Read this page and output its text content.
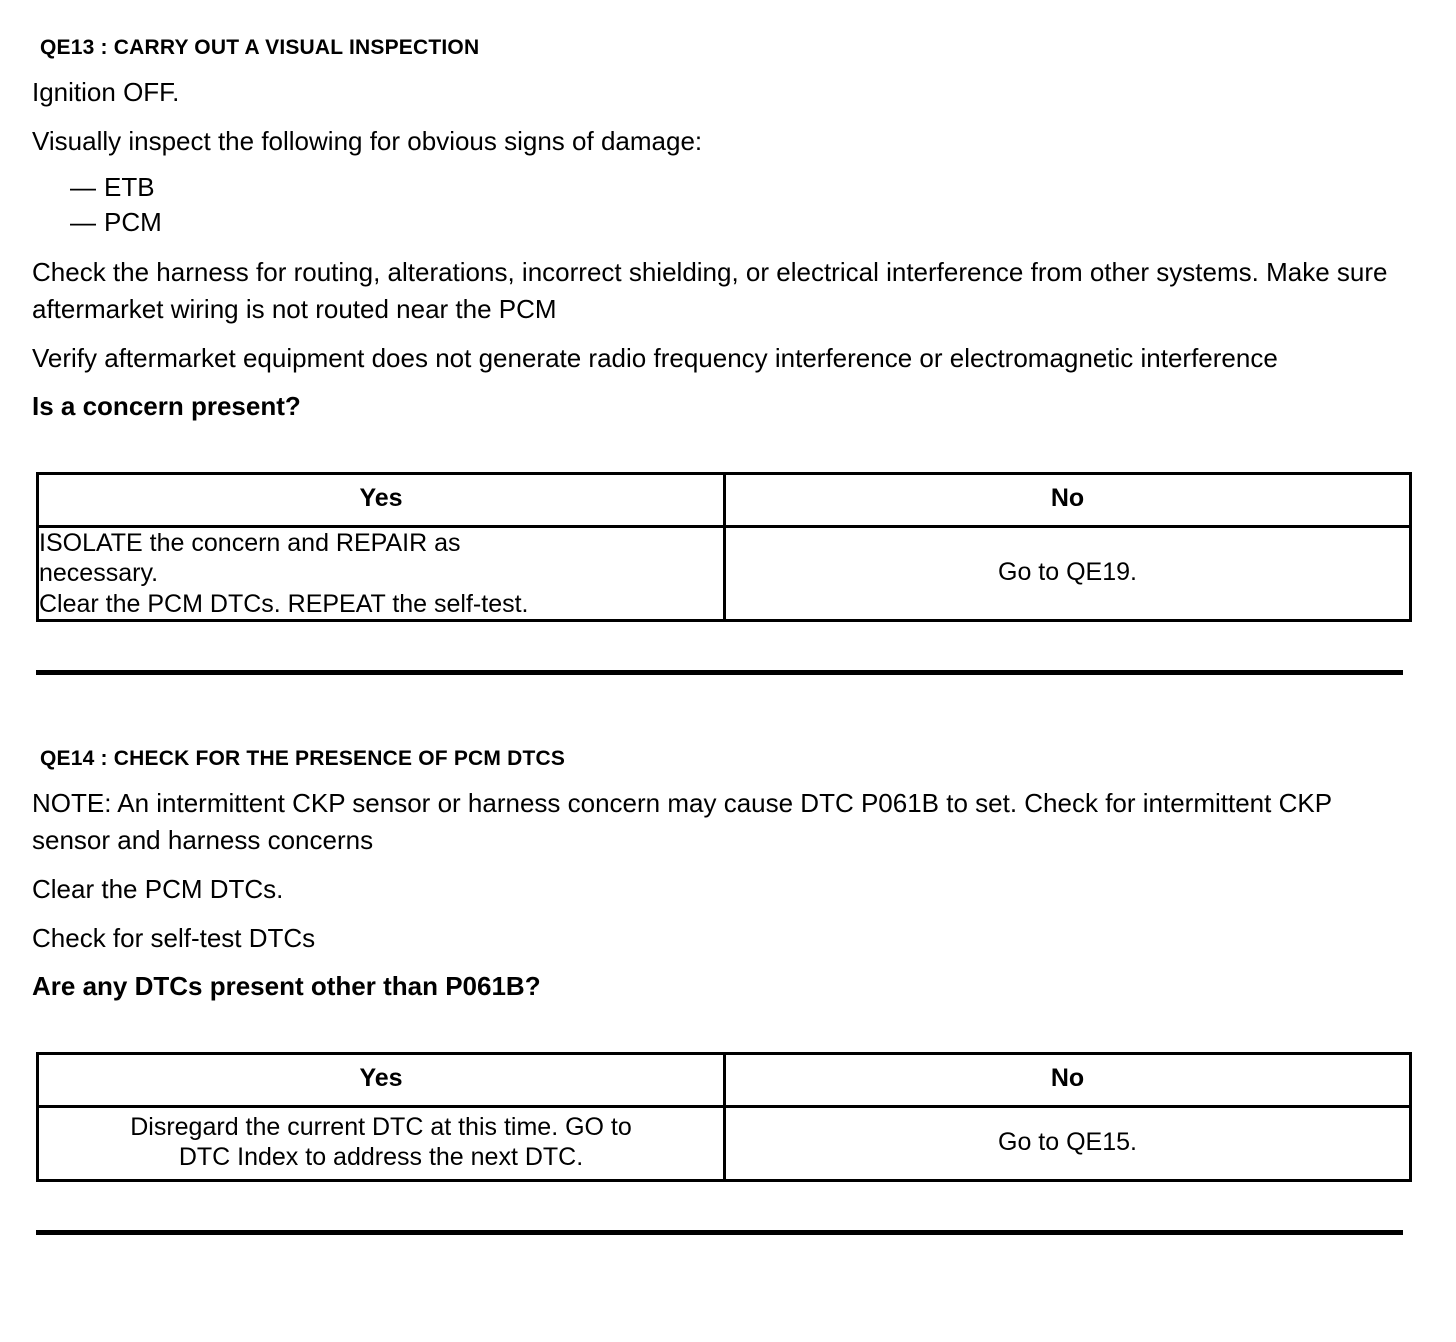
QE13 : CARRY OUT A VISUAL INSPECTION

Ignition OFF.

Visually inspect the following for obvious signs of damage:

— ETB
— PCM

Check the harness for routing, alterations, incorrect shielding, or electrical interference from other systems. Make sure aftermarket wiring is not routed near the PCM

Verify aftermarket equipment does not generate radio frequency interference or electromagnetic interference

Is a concern present?

Yes	No

ISOLATE the concern and REPAIR as
necessary.
Clear the PCM DTCs. REPEAT the self-test.	Go to QE19.
QE14 : CHECK FOR THE PRESENCE OF PCM DTCS

NOTE: An intermittent CKP sensor or harness concern may cause DTC P061B to set. Check for intermittent CKP sensor and harness concerns

Clear the PCM DTCs.

Check for self-test DTCs

Are any DTCs present other than P061B?

Yes	No

Disregard the current DTC at this time. GO to
DTC Index to address the next DTC.	Go to QE15.
